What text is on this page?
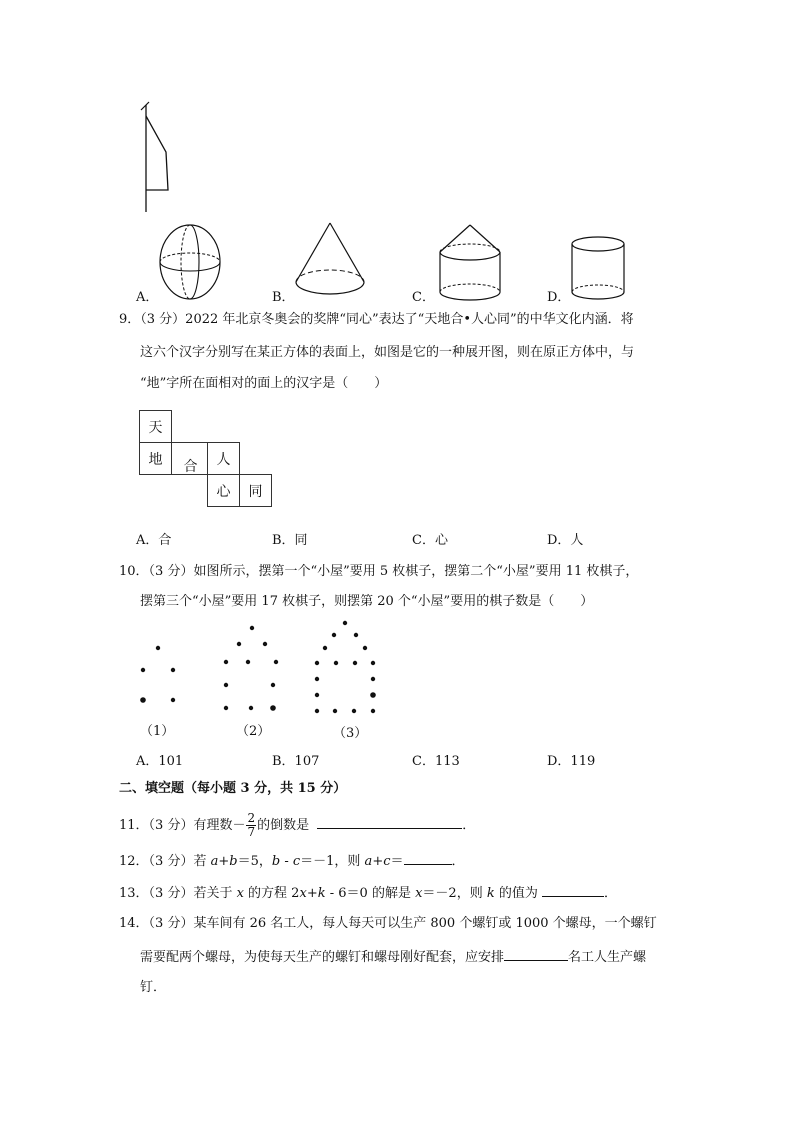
A．	B．	C．	D．
9．（3 分）2022 年北京冬奥会的奖牌“同心”表达了“天地合•人心同”的中华文化内涵．将
这六个汉字分别写在某正方体的表面上，如图是它的一种展开图，则在原正方体中，与
“地”字所在面相对的面上的汉字是（　　）
天
地	合	人
心	同
A．合	B．同	C．心	D．人
10．（3 分）如图所示，摆第一个“小屋”要用 5 枚棋子，摆第二个“小屋”要用 11 枚棋子，
摆第三个“小屋”要用 17 枚棋子，则摆第 20 个“小屋”要用的棋子数是（　　）
（1）	（2）	（3）
A．101	B．107	C．113	D．119
二、填空题（每小题 3 分，共 15 分）
11．（3 分）有理数－ $\frac{2}{7}$ 的倒数是	．
12．（3 分）若 a+b＝5，b - c＝－1，则 a+c＝	．
13．（3 分）若关于 x 的方程 2x+k - 6＝0 的解是 x＝－2，则 k 的值为	．
14．（3 分）某车间有 26 名工人，每人每天可以生产 800 个螺钉或 1000 个螺母，一个螺钉
需要配两个螺母，为使每天生产的螺钉和螺母刚好配套，应安排	名工人生产螺
钉．
